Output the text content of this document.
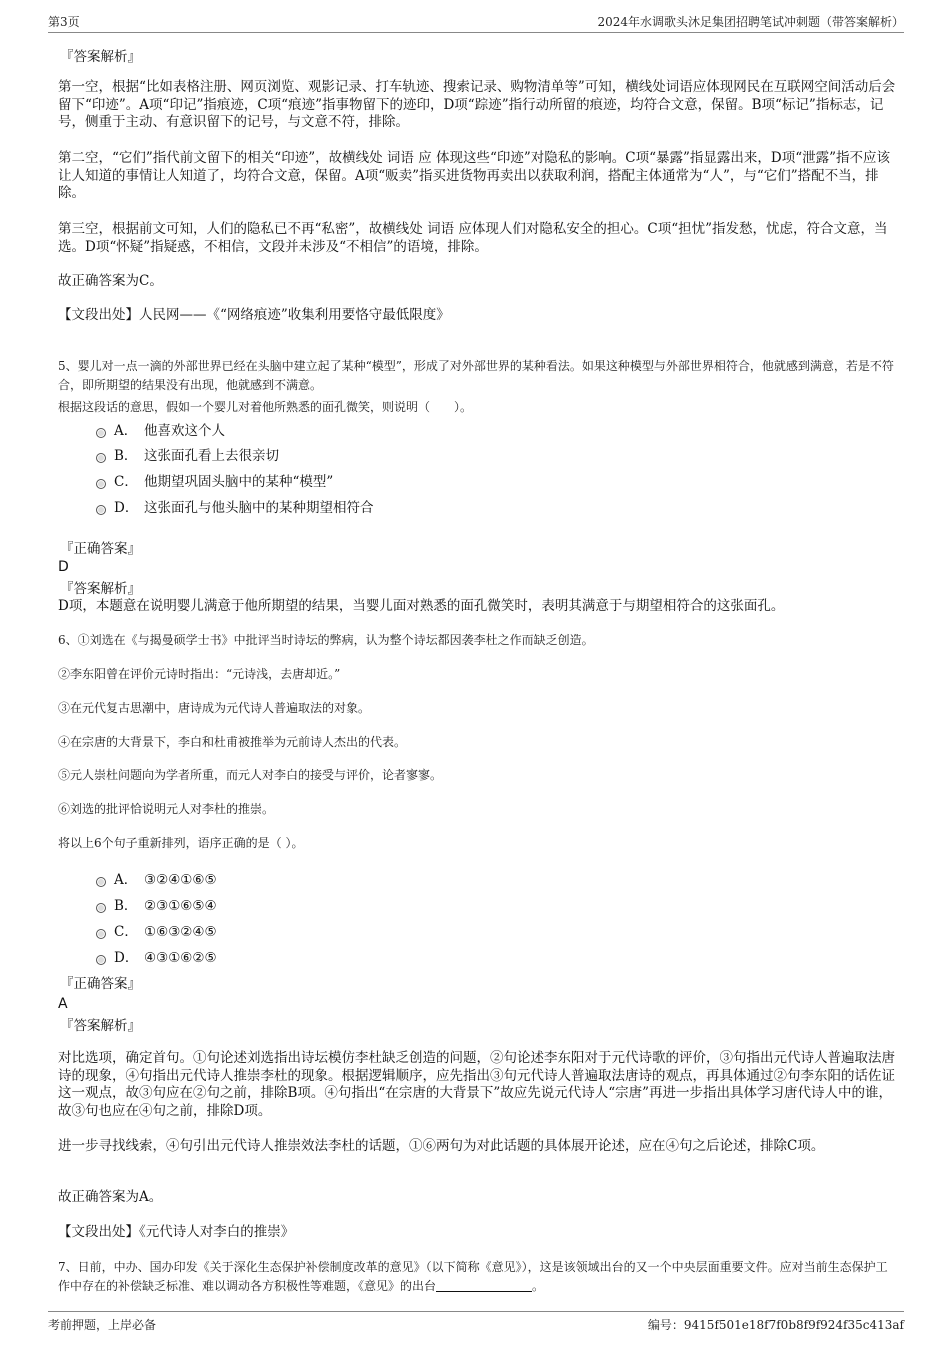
第3页	2024年水调歌头沐足集团招聘笔试冲刺题（带答案解析）
『答案解析』
第一空，根据“比如表格注册、网页浏览、观影记录、打车轨迹、搜索记录、购物清单等”可知，横线处词语应体现网民在互联网空间活动后会留下“印迹”。A项“印记”指痕迹，C项“痕迹”指事物留下的迹印，D项“踪迹”指行动所留的痕迹，均符合文意，保留。B项“标记”指标志，记号，侧重于主动、有意识留下的记号，与文意不符，排除。
第二空，“它们”指代前文留下的相关“印迹”，故横线处 词语 应 体现这些“印迹”对隐私的影响。C项“暴露”指显露出来，D项“泄露”指不应该让人知道的事情让人知道了，均符合文意，保留。A项“贩卖”指买进货物再卖出以获取利润，搭配主体通常为“人”，与“它们”搭配不当，排除。
第三空，根据前文可知，人们的隐私已不再“私密”，故横线处 词语 应体现人们对隐私安全的担心。C项“担忧”指发愁，忧虑，符合文意，当选。D项“怀疑”指疑惑，不相信，文段并未涉及“不相信”的语境，排除。
故正确答案为C。
【文段出处】人民网——《“网络痕迹”收集利用要恪守最低限度》
5、婴儿对一点一滴的外部世界已经在头脑中建立起了某种“模型”，形成了对外部世界的某种看法。如果这种模型与外部世界相符合，他就感到满意，若是不符合，即所期望的结果没有出现，他就感到不满意。
根据这段话的意思，假如一个婴儿对着他所熟悉的面孔微笑，则说明（　　）。
A． 他喜欢这个人
B． 这张面孔看上去很亲切
C． 他期望巩固头脑中的某种“模型”
D． 这张面孔与他头脑中的某种期望相符合
『正确答案』
D
『答案解析』
D项，本题意在说明婴儿满意于他所期望的结果，当婴儿面对熟悉的面孔微笑时，表明其满意于与期望相符合的这张面孔。
6、①刘选在《与揭曼硕学士书》中批评当时诗坛的弊病，认为整个诗坛都因袭李杜之作而缺乏创造。
②李东阳曾在评价元诗时指出：“元诗浅，去唐却近。”
③在元代复古思潮中，唐诗成为元代诗人普遍取法的对象。
④在宗唐的大背景下，李白和杜甫被推举为元前诗人杰出的代表。
⑤元人崇杜问题向为学者所重，而元人对李白的接受与评价，论者寥寥。
⑥刘选的批评恰说明元人对李杜的推崇。
将以上6个句子重新排列，语序正确的是（ ）。
A． ③②④①⑥⑤
B． ②③①⑥⑤④
C． ①⑥③②④⑤
D． ④③①⑥②⑤
『正确答案』
A
『答案解析』
对比选项，确定首句。①句论述刘选指出诗坛模仿李杜缺乏创造的问题，②句论述李东阳对于元代诗歌的评价，③句指出元代诗人普遍取法唐诗的现象，④句指出元代诗人推崇李杜的现象。根据逻辑顺序，应先指出③句元代诗人普遍取法唐诗的观点，再具体通过②句李东阳的话佐证这一观点，故③句应在②句之前，排除B项。④句指出“在宗唐的大背景下”故应先说元代诗人“宗唐”再进一步指出具体学习唐代诗人中的谁，故③句也应在④句之前，排除D项。
进一步寻找线索，④句引出元代诗人推崇效法李杜的话题，①⑥两句为对此话题的具体展开论述，应在④句之后论述，排除C项。
故正确答案为A。
【文段出处】《元代诗人对李白的推崇》
7、日前，中办、国办印发《关于深化生态保护补偿制度改革的意见》（以下简称《意见》），这是该领域出台的又一个中央层面重要文件。应对当前生态保护工作中存在的补偿缺乏标准、难以调动各方积极性等难题，《意见》的出台	。
考前押题，上岸必备	编号：9415f501e18f7f0b8f9f924f35c413af
